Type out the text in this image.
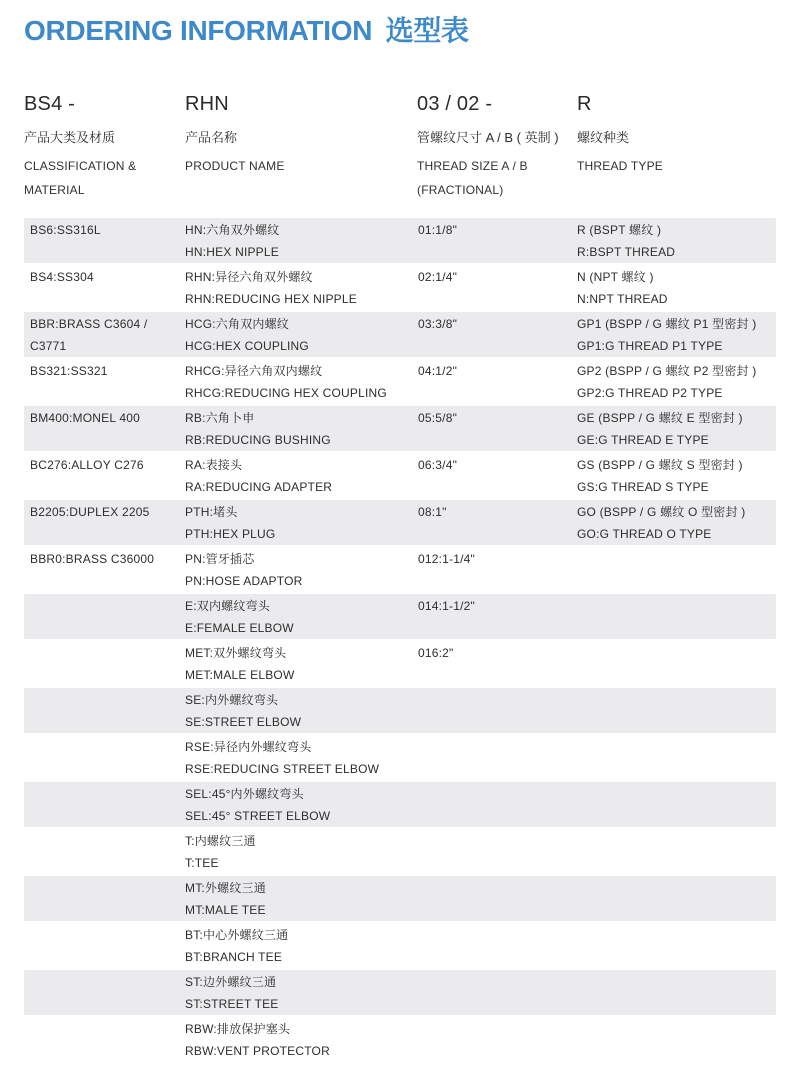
ORDERING INFORMATION 选型表
BS4 -
产品大类及材质
CLASSIFICATION &
MATERIAL
RHN
产品名称
PRODUCT NAME
03 / 02 -
管螺纹尺寸 A / B ( 英制 )
THREAD SIZE A / B
(FRACTIONAL)
R
螺纹种类
THREAD TYPE
BS6:SS316L	HN:六角双外螺纹
HN:HEX NIPPLE
01:1/8"	R (BSPT 螺纹 )
R:BSPT THREAD
BS4:SS304	RHN:异径六角双外螺纹
RHN:REDUCING HEX NIPPLE
02:1/4"	N (NPT 螺纹 )
N:NPT THREAD
BBR:BRASS C3604 /
C3771
HCG:六角双内螺纹
HCG:HEX COUPLING
03:3/8"	GP1 (BSPP / G 螺纹 P1 型密封 )
GP1:G THREAD P1 TYPE
BS321:SS321	RHCG:异径六角双内螺纹
RHCG:REDUCING HEX COUPLING
04:1/2"	GP2 (BSPP / G 螺纹 P2 型密封 )
GP2:G THREAD P2 TYPE
BM400:MONEL 400	RB:六角卜申
RB:REDUCING BUSHING
05:5/8"	GE (BSPP / G 螺纹 E 型密封 )
GE:G THREAD E TYPE
BC276:ALLOY C276	RA:表接头
RA:REDUCING ADAPTER
06:3/4"	GS (BSPP / G 螺纹 S 型密封 )
GS:G THREAD S TYPE
B2205:DUPLEX 2205	PTH:堵头
PTH:HEX PLUG
08:1"	GO (BSPP / G 螺纹 O 型密封 )
GO:G THREAD O TYPE
BBR0:BRASS C36000	PN:管牙插芯
PN:HOSE ADAPTOR
012:1-1/4"
E:双内螺纹弯头
E:FEMALE ELBOW
014:1-1/2"
MET:双外螺纹弯头
MET:MALE ELBOW
016:2"
SE:内外螺纹弯头
SE:STREET ELBOW
RSE:异径内外螺纹弯头
RSE:REDUCING STREET ELBOW
SEL:45°内外螺纹弯头
SEL:45° STREET ELBOW
T:内螺纹三通
T:TEE
MT:外螺纹三通
MT:MALE TEE
BT:中心外螺纹三通
BT:BRANCH TEE
ST:边外螺纹三通
ST:STREET TEE
RBW:排放保护塞头
RBW:VENT PROTECTOR
